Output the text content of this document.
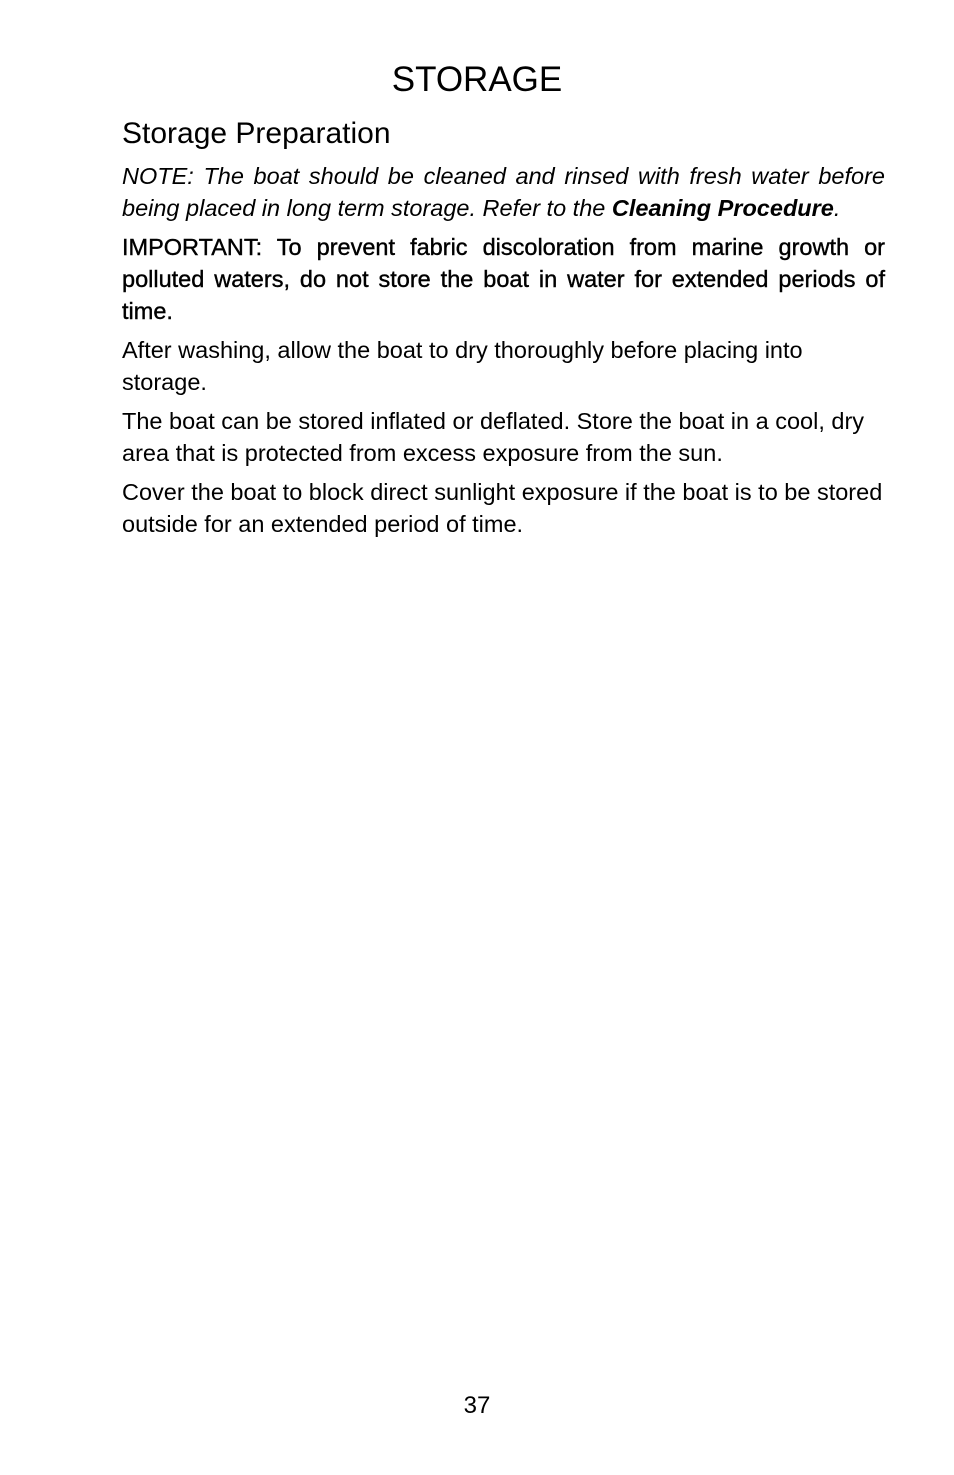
STORAGE
Storage Preparation

NOTE: The boat should be cleaned and rinsed with fresh water before being placed in long term storage. Refer to the Cleaning Procedure.

IMPORTANT: To prevent fabric discoloration from marine growth or polluted waters, do not store the boat in water for extended periods of time.

After washing, allow the boat to dry thoroughly before placing into storage.

The boat can be stored inflated or deflated. Store the boat in a cool, dry area that is protected from excess exposure from the sun.

Cover the boat to block direct sunlight exposure if the boat is to be stored outside for an extended period of time.

37
